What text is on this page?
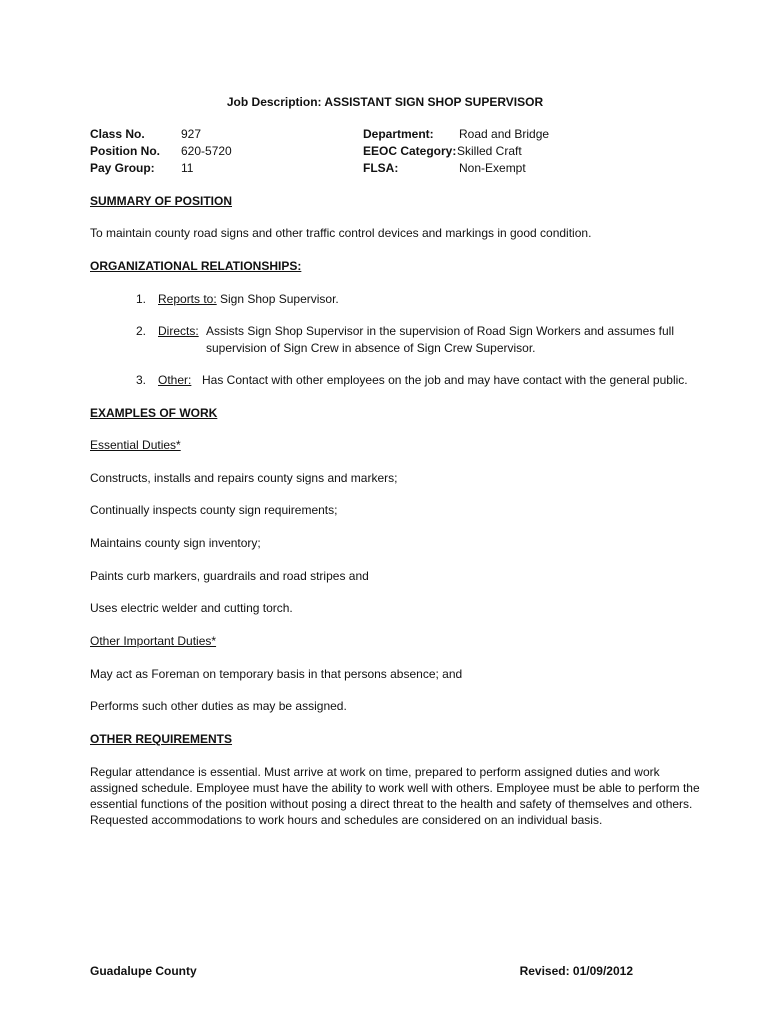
Job Description: ASSISTANT SIGN SHOP SUPERVISOR
Class No.	927
Position No. 620-5720
Pay Group: 11
Department: Road and Bridge
EEOC Category: Skilled Craft
FLSA:	Non-Exempt
SUMMARY OF POSITION
To maintain county road signs and other traffic control devices and markings in good condition.
ORGANIZATIONAL RELATIONSHIPS:
1. Reports to: Sign Shop Supervisor.
2. Directs: Assists Sign Shop Supervisor in the supervision of Road Sign Workers and assumes full
supervision of Sign Crew in absence of Sign Crew Supervisor.
3. Other: Has Contact with other employees on the job and may have contact with the general public.
EXAMPLES OF WORK
Essential Duties*
Constructs, installs and repairs county signs and markers;
Continually inspects county sign requirements;
Maintains county sign inventory;
Paints curb markers, guardrails and road stripes and
Uses electric welder and cutting torch.
Other Important Duties*
May act as Foreman on temporary basis in that persons absence; and
Performs such other duties as may be assigned.
OTHER REQUIREMENTS
Regular attendance is essential. Must arrive at work on time, prepared to perform assigned duties and work
assigned schedule. Employee must have the ability to work well with others. Employee must be able to perform the
essential functions of the position without posing a direct threat to the health and safety of themselves and others.
Requested accommodations to work hours and schedules are considered on an individual basis.
Guadalupe County	Revised: 01/09/2012
